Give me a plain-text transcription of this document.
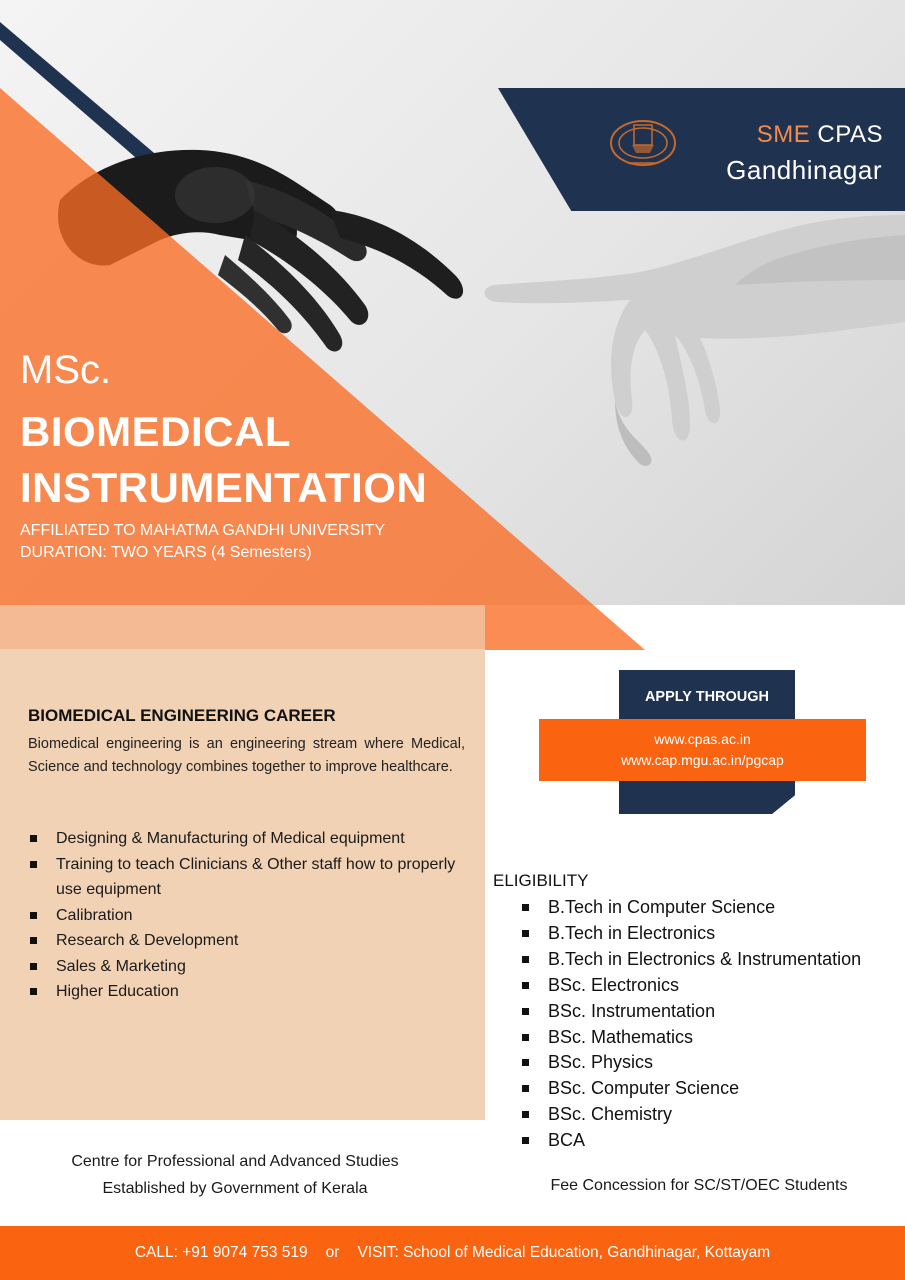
SME CPAS
Gandhinagar
MSc.
BIOMEDICAL
INSTRUMENTATION
AFFILIATED TO MAHATMA GANDHI UNIVERSITY
DURATION: TWO YEARS (4 Semesters)
BIOMEDICAL ENGINEERING CAREER
Biomedical engineering is an engineering stream where Medical, Science and technology combines together to improve healthcare.
Designing & Manufacturing of Medical equipment
Training to teach Clinicians & Other staff how to properly use equipment
Calibration
Research & Development
Sales & Marketing
Higher Education
Centre for Professional and Advanced Studies
Established by Government of Kerala
APPLY THROUGH
www.cpas.ac.in
www.cap.mgu.ac.in/pgcap
ELIGIBILITY
B.Tech in Computer Science
B.Tech in Electronics
B.Tech in Electronics & Instrumentation
BSc. Electronics
BSc. Instrumentation
BSc. Mathematics
BSc. Physics
BSc. Computer Science
BSc. Chemistry
BCA
Fee Concession for SC/ST/OEC Students
CALL: +91 9074 753 519 or VISIT: School of Medical Education, Gandhinagar, Kottayam
